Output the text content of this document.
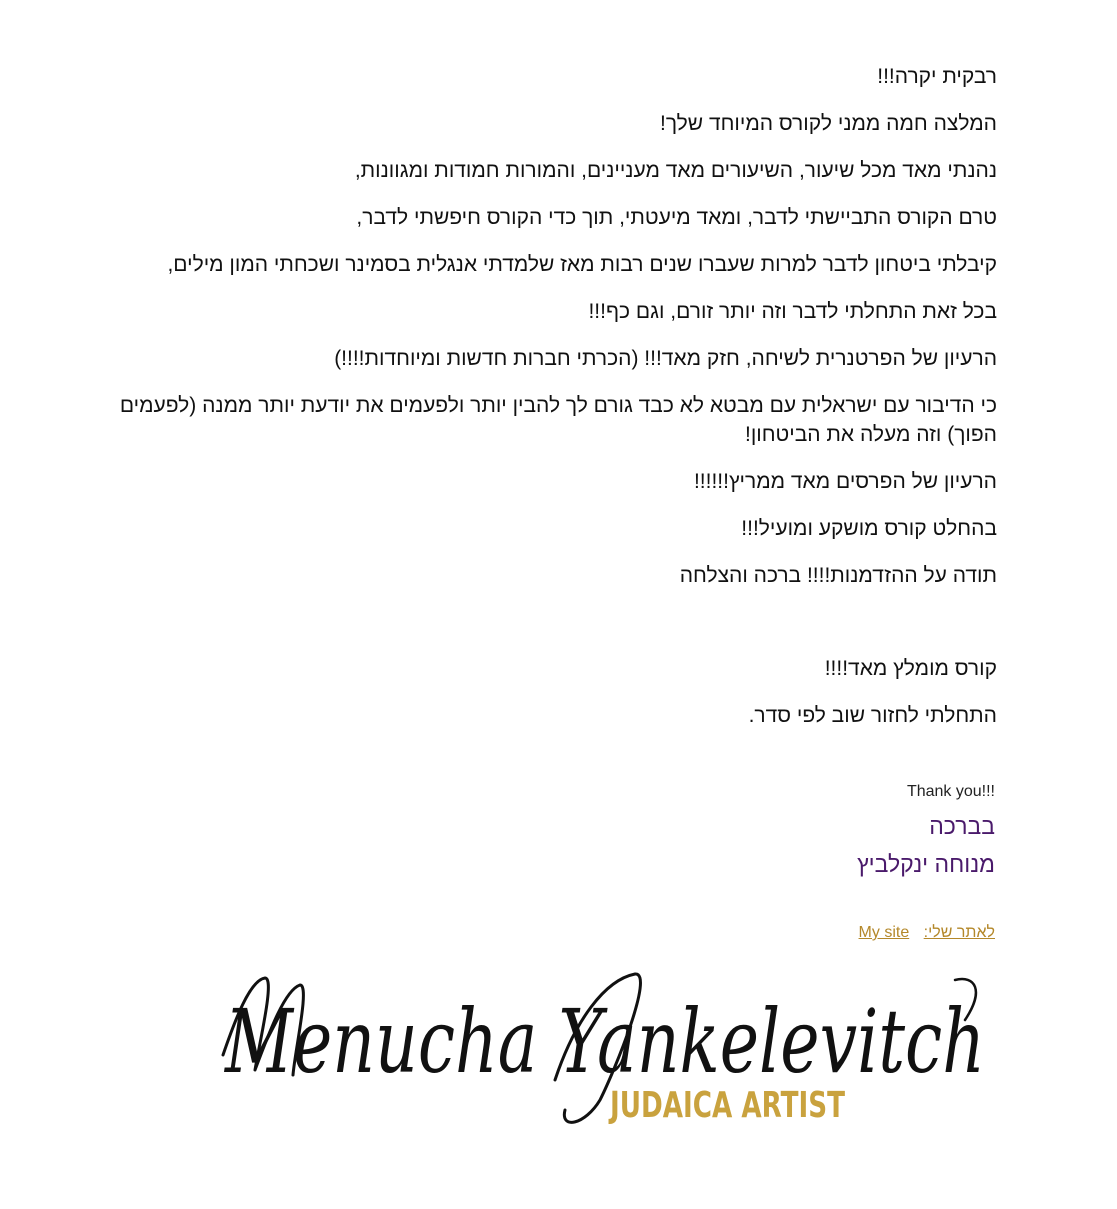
רבקית יקרה!!!

המלצה חמה ממני לקורס המיוחד שלך!

נהנתי מאד מכל שיעור, השיעורים מאד מעניינים, והמורות חמודות ומגוונות,

טרם הקורס התביישתי לדבר, ומאד מיעטתי, תוך כדי הקורס חיפשתי לדבר,

קיבלתי ביטחון לדבר למרות שעברו שנים רבות מאז שלמדתי אנגלית בסמינר ושכחתי המון מילים,

בכל זאת התחלתי לדבר וזה יותר זורם, וגם כף!!!

הרעיון של הפרטנרית לשיחה, חזק מאד!!! (הכרתי חברות חדשות ומיוחדות!!!!)

כי הדיבור עם ישראלית עם מבטא לא כבד גורם לך להבין יותר ולפעמים את יודעת יותר ממנה (לפעמים הפוך) וזה מעלה את הביטחון!

הרעיון של הפרסים מאד ממריץ!!!!!!

בהחלט קורס מושקע ומועיל!!!

תודה על ההזדמנות!!!! ברכה והצלחה

קורס מומלץ מאד!!!!

התחלתי לחזור שוב לפי סדר.

Thank you!!!
בברכה
מנוחה ינקלביץ
לאתר שלי: My site
Menucha Yankelevitch
JUDAICA ARTIST
